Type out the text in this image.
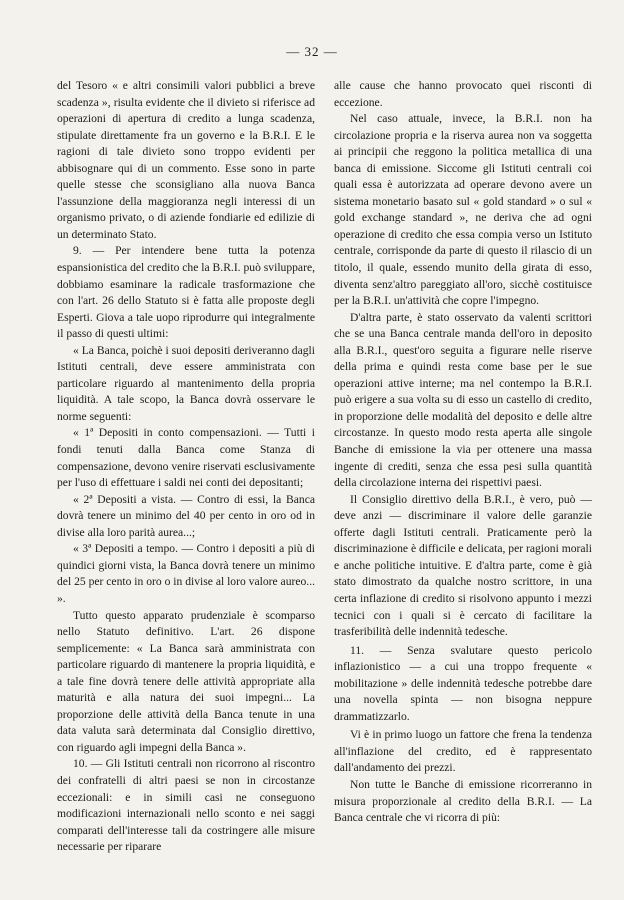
— 32 —

del Tesoro « e altri consimili valori pubblici a breve scadenza », risulta evidente che il divieto si riferisce ad operazioni di apertura di credito a lunga scadenza, stipulate direttamente fra un governo e la B.R.I. E le ragioni di tale divieto sono troppo evidenti per abbisognare qui di un commento. Esse sono in parte quelle stesse che sconsigliano alla nuova Banca l'assunzione della maggioranza negli interessi di un organismo privato, o di aziende fondiarie ed edilizie di un determinato Stato.

9. — Per intendere bene tutta la potenza espansionistica del credito che la B.R.I. può sviluppare, dobbiamo esaminare la radicale trasformazione che con l'art. 26 dello Statuto si è fatta alle proposte degli Esperti. Giova a tale uopo riprodurre qui integralmente il passo di questi ultimi:

« La Banca, poichè i suoi depositi deriveranno dagli Istituti centrali, deve essere amministrata con particolare riguardo al mantenimento della propria liquidità. A tale scopo, la Banca dovrà osservare le norme seguenti:

« 1ª Depositi in conto compensazioni. — Tutti i fondi tenuti dalla Banca come Stanza di compensazione, devono venire riservati esclusivamente per l'uso di effettuare i saldi nei conti dei depositanti;

« 2ª Depositi a vista. — Contro di essi, la Banca dovrà tenere un minimo del 40 per cento in oro od in divise alla loro parità aurea...;

« 3ª Depositi a tempo. — Contro i depositi a più di quindici giorni vista, la Banca dovrà tenere un minimo del 25 per cento in oro o in divise al loro valore aureo... ».

Tutto questo apparato prudenziale è scomparso nello Statuto definitivo. L'art. 26 dispone semplicemente: « La Banca sarà amministrata con particolare riguardo di mantenere la propria liquidità, e a tale fine dovrà tenere delle attività appropriate alla maturità e alla natura dei suoi impegni... La proporzione delle attività della Banca tenute in una data valuta sarà determinata dal Consiglio direttivo, con riguardo agli impegni della Banca ».

10. — Gli Istituti centrali non ricorrono al riscontro dei confratelli di altri paesi se non in circostanze eccezionali: e in simili casi ne conseguono modificazioni internazionali nello sconto e nei saggi comparati dell'interesse tali da costringere alle misure necessarie per riparare

alle cause che hanno provocato quei risconti di eccezione.

Nel caso attuale, invece, la B.R.I. non ha circolazione propria e la riserva aurea non va soggetta ai principii che reggono la politica metallica di una banca di emissione. Siccome gli Istituti centrali coi quali essa è autorizzata ad operare devono avere un sistema monetario basato sul « gold standard » o sul « gold exchange standard », ne deriva che ad ogni operazione di credito che essa compia verso un Istituto centrale, corrisponde da parte di questo il rilascio di un titolo, il quale, essendo munito della girata di esso, diventa senz'altro pareggiato all'oro, sicchè costituisce per la B.R.I. un'attività che copre l'impegno.

D'altra parte, è stato osservato da valenti scrittori che se una Banca centrale manda dell'oro in deposito alla B.R.I., quest'oro seguita a figurare nelle riserve della prima e quindi resta come base per le sue operazioni attive interne; ma nel contempo la B.R.I. può erigere a sua volta su di esso un castello di credito, in proporzione delle modalità del deposito e delle altre circostanze. In questo modo resta aperta alle singole Banche di emissione la via per ottenere una massa ingente di crediti, senza che essa pesi sulla quantità della circolazione interna dei rispettivi paesi.

Il Consiglio direttivo della B.R.I., è vero, può — deve anzi — discriminare il valore delle garanzie offerte dagli Istituti centrali. Praticamente però la discriminazione è difficile e delicata, per ragioni morali e anche politiche intuitive. E d'altra parte, come è già stato dimostrato da qualche nostro scrittore, in una certa inflazione di credito si risolvono appunto i mezzi tecnici con i quali si è cercato di facilitare la trasferibilità delle indennità tedesche.

11. — Senza svalutare questo pericolo inflazionistico — a cui una troppo frequente « mobilitazione » delle indennità tedesche potrebbe dare una novella spinta — non bisogna neppure drammatizzarlo.

Vi è in primo luogo un fattore che frena la tendenza all'inflazione del credito, ed è rappresentato dall'andamento dei prezzi.

Non tutte le Banche di emissione ricorreranno in misura proporzionale al credito della B.R.I. — La Banca centrale che vi ricorra di più:
